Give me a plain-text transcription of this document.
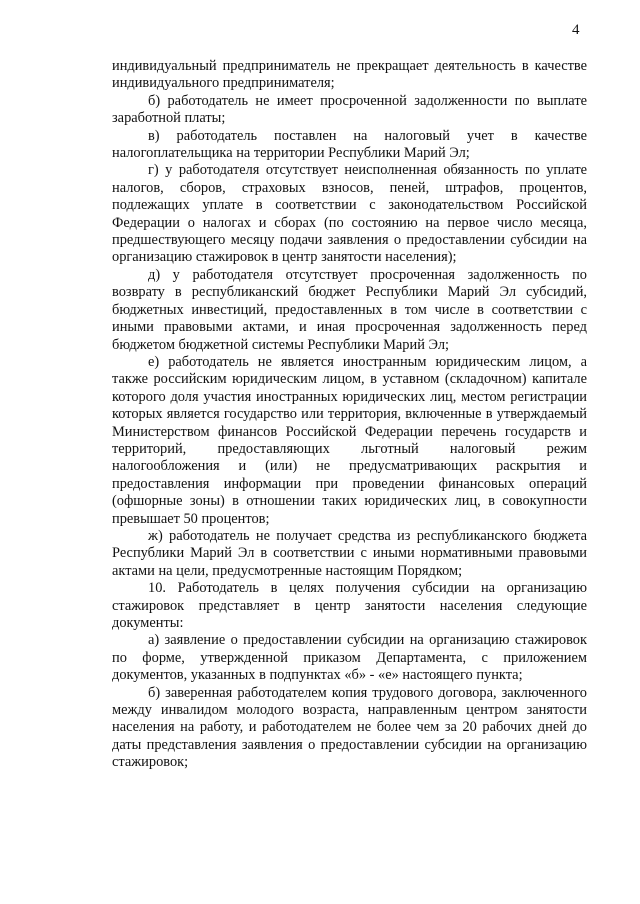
4

индивидуальный предприниматель не прекращает деятельность в качестве индивидуального предпринимателя;

б) работодатель не имеет просроченной задолженности по выплате заработной платы;

в) работодатель поставлен на налоговый учет в качестве налогоплательщика на территории Республики Марий Эл;

г) у работодателя отсутствует неисполненная обязанность по уплате налогов, сборов, страховых взносов, пеней, штрафов, процентов, подлежащих уплате в соответствии с законодательством Российской Федерации о налогах и сборах (по состоянию на первое число месяца, предшествующего месяцу подачи заявления о предоставлении субсидии на организацию стажировок в центр занятости населения);

д) у работодателя отсутствует просроченная задолженность по возврату в республиканский бюджет Республики Марий Эл субсидий, бюджетных инвестиций, предоставленных в том числе в соответствии с иными правовыми актами, и иная просроченная задолженность перед бюджетом бюджетной системы Республики Марий Эл;

е) работодатель не является иностранным юридическим лицом, а также российским юридическим лицом, в уставном (складочном) капитале которого доля участия иностранных юридических лиц, местом регистрации которых является государство или территория, включенные в утверждаемый Министерством финансов Российской Федерации перечень государств и территорий, предоставляющих льготный налоговый режим налогообложения и (или) не предусматривающих раскрытия и предоставления информации при проведении финансовых операций (офшорные зоны) в отношении таких юридических лиц, в совокупности превышает 50 процентов;

ж) работодатель не получает средства из республиканского бюджета Республики Марий Эл в соответствии с иными нормативными правовыми актами на цели, предусмотренные настоящим Порядком;

10. Работодатель в целях получения субсидии на организацию стажировок представляет в центр занятости населения следующие документы:

а) заявление о предоставлении субсидии на организацию стажировок по форме, утвержденной приказом Департамента, с приложением документов, указанных в подпунктах «б» - «е» настоящего пункта;

б) заверенная работодателем копия трудового договора, заключенного между инвалидом молодого возраста, направленным центром занятости населения на работу, и работодателем не более чем за 20 рабочих дней до даты представления заявления о предоставлении субсидии на организацию стажировок;
